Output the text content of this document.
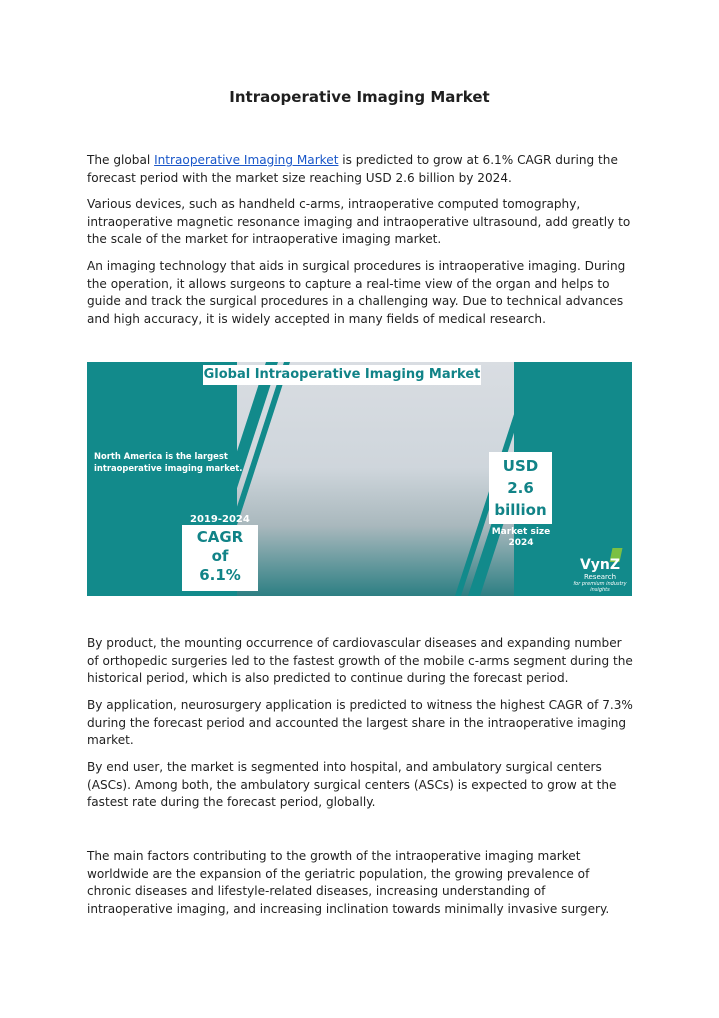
Intraoperative Imaging Market

The global Intraoperative Imaging Market is predicted to grow at 6.1% CAGR during the forecast period with the market size reaching USD 2.6 billion by 2024.

Various devices, such as handheld c-arms, intraoperative computed tomography, intraoperative magnetic resonance imaging and intraoperative ultrasound, add greatly to the scale of the market for intraoperative imaging market.

An imaging technology that aids in surgical procedures is intraoperative imaging. During the operation, it allows surgeons to capture a real-time view of the organ and helps to guide and track the surgical procedures in a challenging way. Due to technical advances and high accuracy, it is widely accepted in many fields of medical research.

Global Intraoperative Imaging Market
North America is the largest intraoperative imaging market.
2019-2024
CAGR
of
6.1%
USD
2.6
billion
Market size
2024
VynZ
Research
for premium industry insights

By product, the mounting occurrence of cardiovascular diseases and expanding number of orthopedic surgeries led to the fastest growth of the mobile c-arms segment during the historical period, which is also predicted to continue during the forecast period.

By application, neurosurgery application is predicted to witness the highest CAGR of 7.3% during the forecast period and accounted the largest share in the intraoperative imaging market.

By end user, the market is segmented into hospital, and ambulatory surgical centers (ASCs). Among both, the ambulatory surgical centers (ASCs) is expected to grow at the fastest rate during the forecast period, globally.

The main factors contributing to the growth of the intraoperative imaging market worldwide are the expansion of the geriatric population, the growing prevalence of chronic diseases and lifestyle-related diseases, increasing understanding of intraoperative imaging, and increasing inclination towards minimally invasive surgery.
